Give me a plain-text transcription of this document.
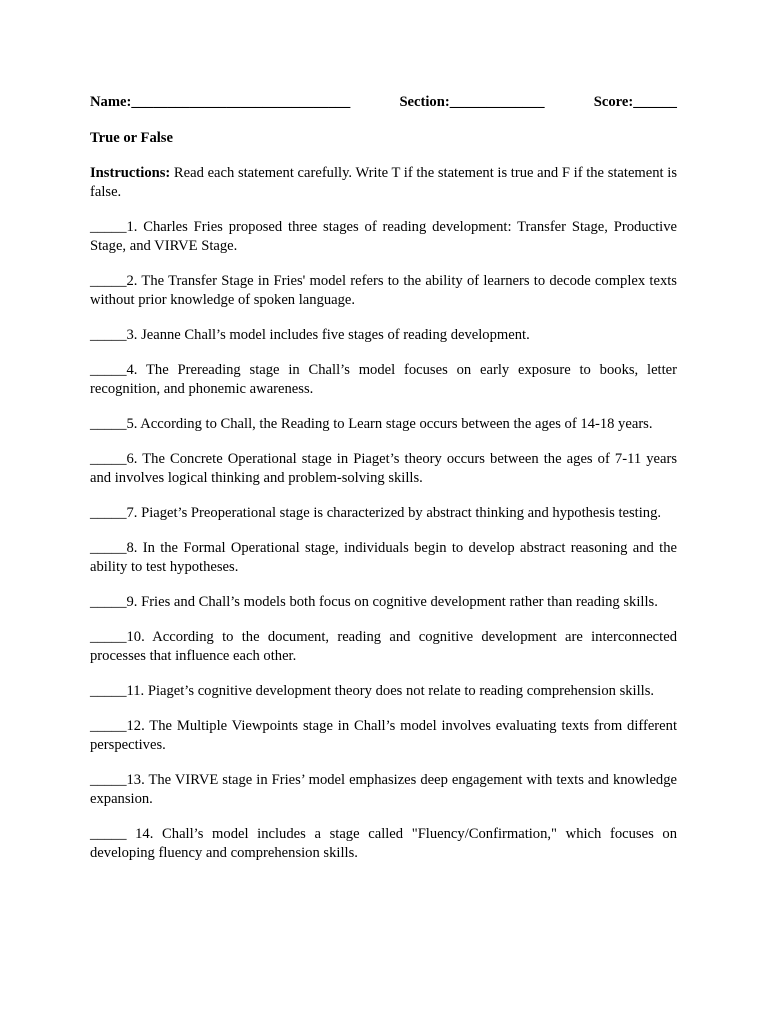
Name:______________________________	Section:_____________	Score:______
True or False

Instructions: Read each statement carefully. Write T if the statement is true and F if the statement is false.

_____1. Charles Fries proposed three stages of reading development: Transfer Stage, Productive Stage, and VIRVE Stage.
_____2. The Transfer Stage in Fries' model refers to the ability of learners to decode complex texts without prior knowledge of spoken language.
_____3. Jeanne Chall’s model includes five stages of reading development.
_____4. The Prereading stage in Chall’s model focuses on early exposure to books, letter recognition, and phonemic awareness.
_____5. According to Chall, the Reading to Learn stage occurs between the ages of 14-18 years.
_____6. The Concrete Operational stage in Piaget’s theory occurs between the ages of 7-11 years and involves logical thinking and problem-solving skills.
_____7. Piaget’s Preoperational stage is characterized by abstract thinking and hypothesis testing.
_____8. In the Formal Operational stage, individuals begin to develop abstract reasoning and the ability to test hypotheses.
_____9. Fries and Chall’s models both focus on cognitive development rather than reading skills.
_____10. According to the document, reading and cognitive development are interconnected processes that influence each other.
_____11. Piaget’s cognitive development theory does not relate to reading comprehension skills.
_____12. The Multiple Viewpoints stage in Chall’s model involves evaluating texts from different perspectives.
_____13. The VIRVE stage in Fries’ model emphasizes deep engagement with texts and knowledge expansion.
_____ 14. Chall’s model includes a stage called "Fluency/Confirmation," which focuses on developing fluency and comprehension skills.
